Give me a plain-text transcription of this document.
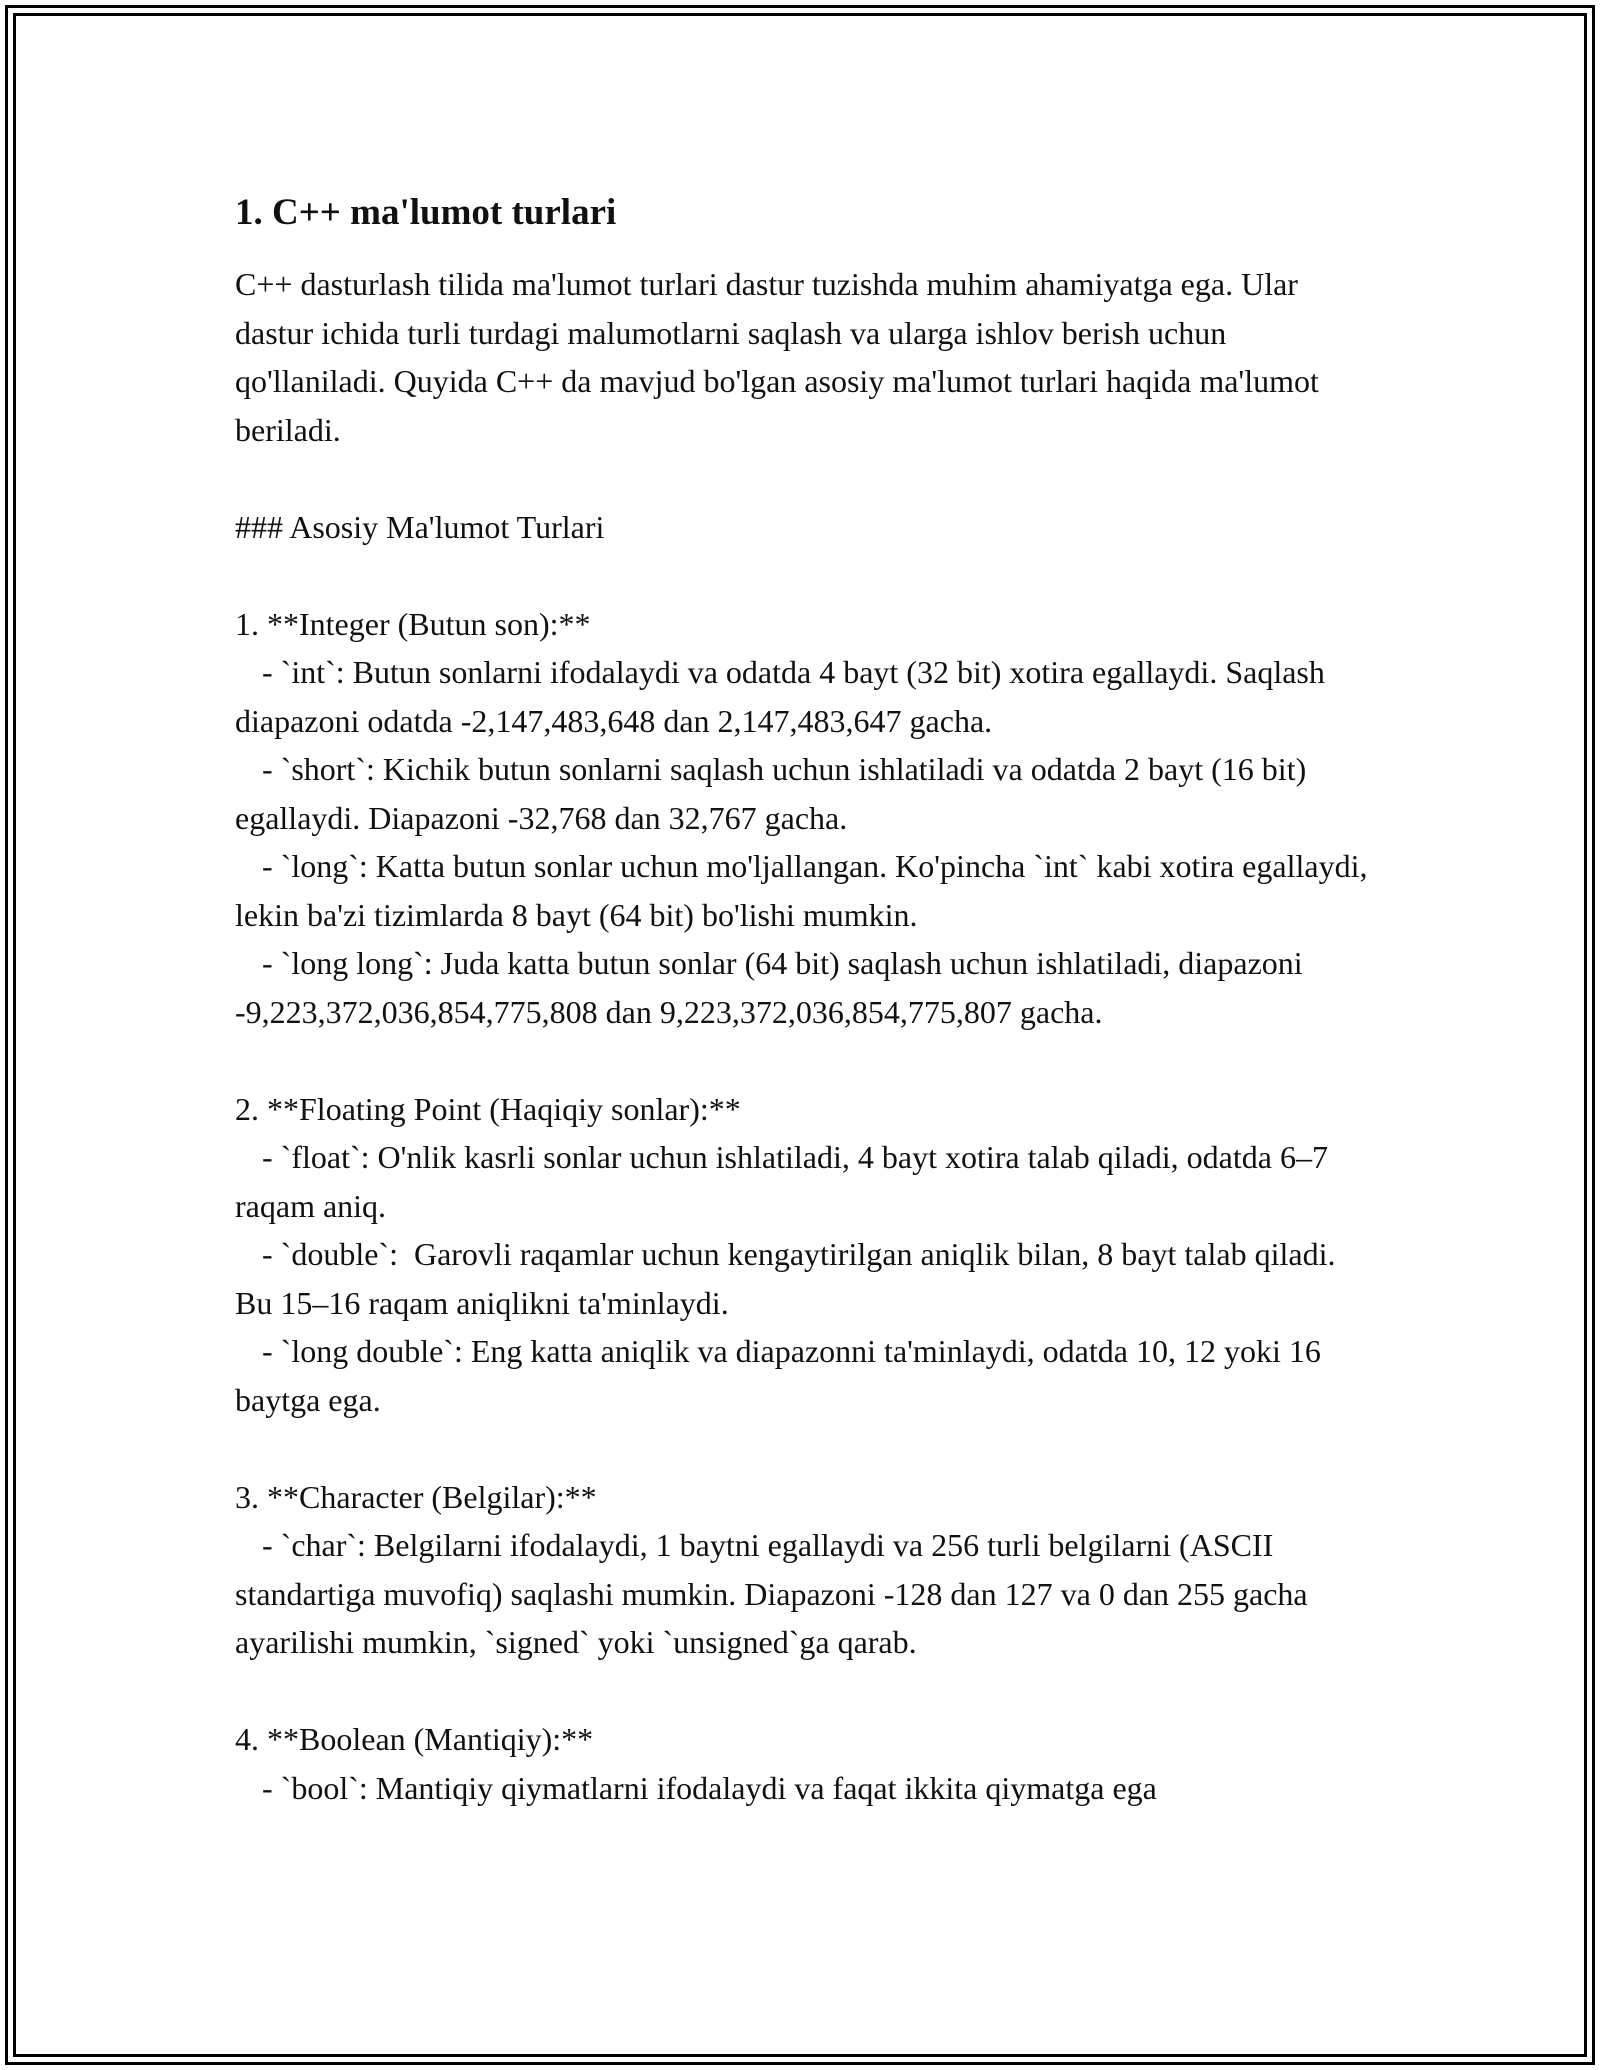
1. C++ ma'lumot turlari

C++ dasturlash tilida ma'lumot turlari dastur tuzishda muhim ahamiyatga ega. Ular dastur ichida turli turdagi malumotlarni saqlash va ularga ishlov berish uchun qo'llaniladi. Quyida C++ da mavjud bo'lgan asosiy ma'lumot turlari haqida ma'lumot beriladi.

### Asosiy Ma'lumot Turlari

1. **Integer (Butun son):**

- `int`: Butun sonlarni ifodalaydi va odatda 4 bayt (32 bit) xotira egallaydi. Saqlash diapazoni odatda -2,147,483,648 dan 2,147,483,647 gacha.

- `short`: Kichik butun sonlarni saqlash uchun ishlatiladi va odatda 2 bayt (16 bit) egallaydi. Diapazoni -32,768 dan 32,767 gacha.

- `long`: Katta butun sonlar uchun mo'ljallangan. Ko'pincha `int` kabi xotira egallaydi, lekin ba'zi tizimlarda 8 bayt (64 bit) bo'lishi mumkin.

- `long long`: Juda katta butun sonlar (64 bit) saqlash uchun ishlatiladi, diapazoni -9,223,372,036,854,775,808 dan 9,223,372,036,854,775,807 gacha.

2. **Floating Point (Haqiqiy sonlar):**

- `float`: O'nlik kasrli sonlar uchun ishlatiladi, 4 bayt xotira talab qiladi, odatda 6–7 raqam aniq.

- `double`:  Garovli raqamlar uchun kengaytirilgan aniqlik bilan, 8 bayt talab qiladi. Bu 15–16 raqam aniqlikni ta'minlaydi.

- `long double`: Eng katta aniqlik va diapazonni ta'minlaydi, odatda 10, 12 yoki 16 baytga ega.

3. **Character (Belgilar):**

- `char`: Belgilarni ifodalaydi, 1 baytni egallaydi va 256 turli belgilarni (ASCII standartiga muvofiq) saqlashi mumkin. Diapazoni -128 dan 127 va 0 dan 255 gacha ayarilishi mumkin, `signed` yoki `unsigned`ga qarab.

4. **Boolean (Mantiqiy):**

- `bool`: Mantiqiy qiymatlarni ifodalaydi va faqat ikkita qiymatga ega
